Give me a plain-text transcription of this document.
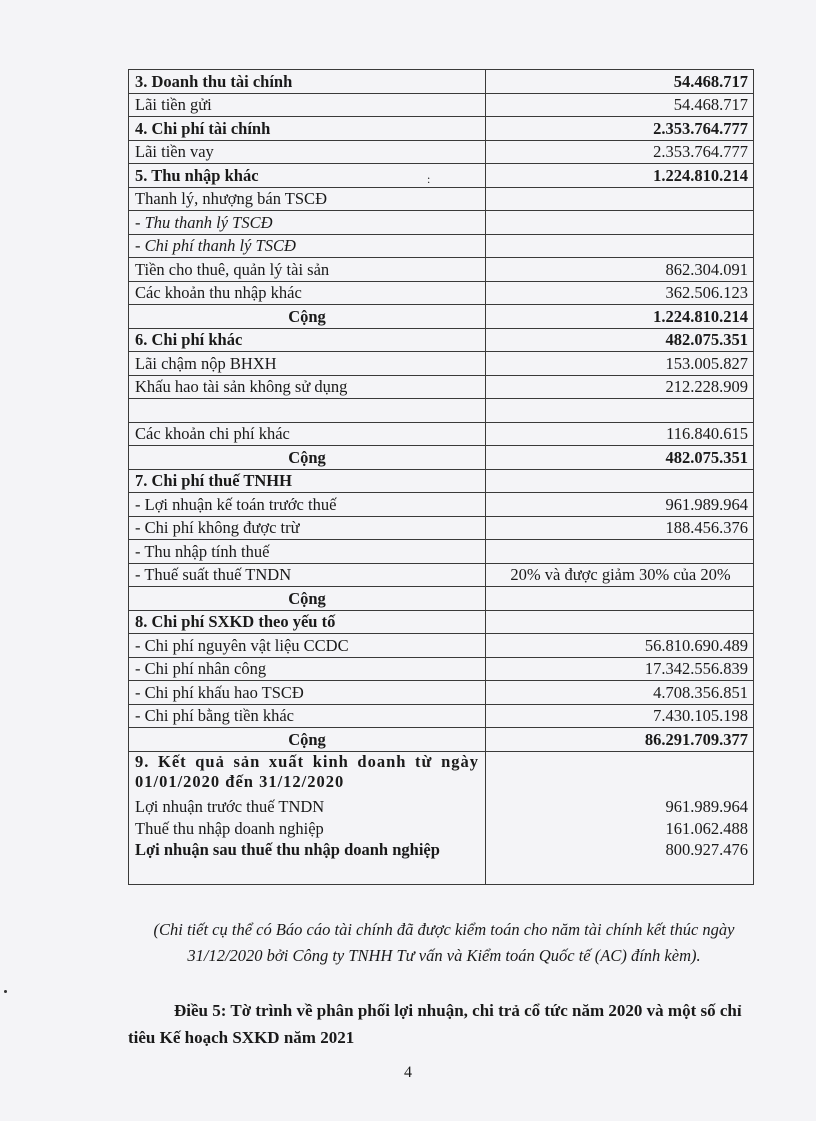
3. Doanh thu tài chính	54.468.717
Lãi tiền gửi	54.468.717
4. Chi phí tài chính	2.353.764.777
Lãi tiền vay	2.353.764.777
5. Thu nhập khác	1.224.810.214
Thanh lý, nhượng bán TSCĐ	
- Thu thanh lý TSCĐ	
- Chi phí thanh lý TSCĐ	
Tiền cho thuê, quản lý tài sản	862.304.091
Các khoản thu nhập khác	362.506.123
Cộng	1.224.810.214
6. Chi phí khác	482.075.351
Lãi chậm nộp BHXH	153.005.827
Khấu hao tài sản không sử dụng	212.228.909

Các khoản chi phí khác	116.840.615
Cộng	482.075.351
7. Chi phí thuế TNHH	
- Lợi nhuận kế toán trước thuế	961.989.964
- Chi phí không được trừ	188.456.376
- Thu nhập tính thuế	
- Thuế suất thuế TNDN	20% và được giảm 30% của 20%
Cộng	
8. Chi phí SXKD theo yếu tố	
- Chi phí nguyên vật liệu CCDC	56.810.690.489
- Chi phí nhân công	17.342.556.839
- Chi phí khấu hao TSCĐ	4.708.356.851
- Chi phí bằng tiền khác	7.430.105.198
Cộng	86.291.709.377
9. Kết quả sản xuất kinh doanh từ ngày 01/01/2020 đến 31/12/2020	
Lợi nhuận trước thuế TNDN	961.989.964
Thuế thu nhập doanh nghiệp	161.062.488
Lợi nhuận sau thuế thu nhập doanh nghiệp	800.927.476
:
(Chi tiết cụ thể có Báo cáo tài chính đã được kiểm toán cho năm tài chính kết thúc ngày 31/12/2020 bởi Công ty TNHH Tư vấn và Kiểm toán Quốc tế (AC) đính kèm).
Điều 5: Tờ trình về phân phối lợi nhuận, chi trả cổ tức năm 2020 và một số chỉ tiêu Kế hoạch SXKD năm 2021
4
